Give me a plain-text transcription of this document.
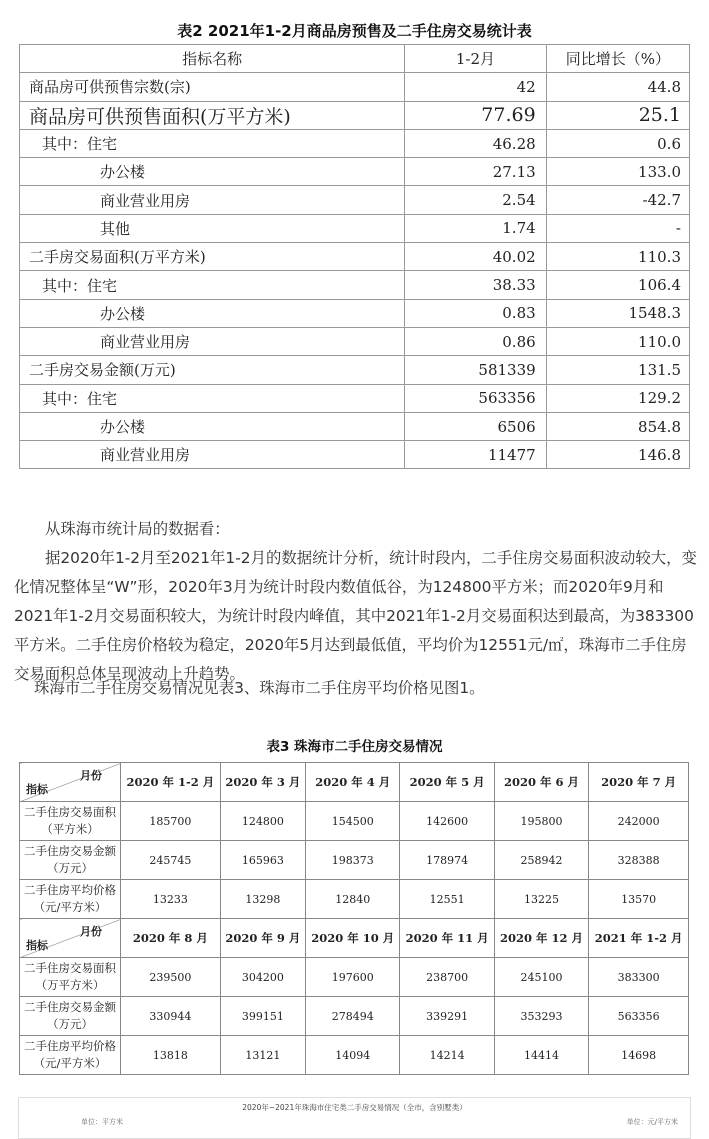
表2 2021年1-2月商品房预售及二手住房交易统计表
指标名称	1-2月	同比增长（%）
商品房可供预售宗数(宗)	42	44.8
商品房可供预售面积(万平方米)	77.69	25.1
其中：住宅	46.28	0.6
办公楼	27.13	133.0
商业营业用房	2.54	-42.7
其他	1.74	-
二手房交易面积(万平方米)	40.02	110.3
其中：住宅	38.33	106.4
办公楼	0.83	1548.3
商业营业用房	0.86	110.0
二手房交易金额(万元)	581339	131.5
其中：住宅	563356	129.2
办公楼	6506	854.8
商业营业用房	11477	146.8
从珠海市统计局的数据看：
据2020年1-2月至2021年1-2月的数据统计分析，统计时段内，二手住房交易面积波动较大，变化情况整体呈“W”形，2020年3月为统计时段内数值低谷，为124800平方米；而2020年9月和2021年1-2月交易面积较大，为统计时段内峰值，其中2021年1-2月交易面积达到最高，为383300平方米。二手住房价格较为稳定，2020年5月达到最低值，平均价为12551元/㎡，珠海市二手住房交易面积总体呈现波动上升趋势。
珠海市二手住房交易情况见表3、珠海市二手住房平均价格见图1。
表3 珠海市二手住房交易情况
月份
指标	2020 年 1-2 月	2020 年 3 月	2020 年 4 月	2020 年 5 月	2020 年 6 月	2020 年 7 月
二手住房交易面积
（平方米）	185700	124800	154500	142600	195800	242000
二手住房交易金额
（万元）	245745	165963	198373	178974	258942	328388
二手住房平均价格
（元/平方米）	13233	13298	12840	12551	13225	13570

月份
指标	2020 年 8 月	2020 年 9 月	2020 年 10 月	2020 年 11 月	2020 年 12 月	2021 年 1-2 月
二手住房交易面积
（万平方米）	239500	304200	197600	238700	245100	383300
二手住房交易金额
（万元）	330944	399151	278494	339291	353293	563356
二手住房平均价格
（元/平方米）	13818	13121	14094	14214	14414	14698
2020年~2021年珠海市住宅类二手房交易情况（全市，含别墅类）
单位：平方米	单位：元/平方米
